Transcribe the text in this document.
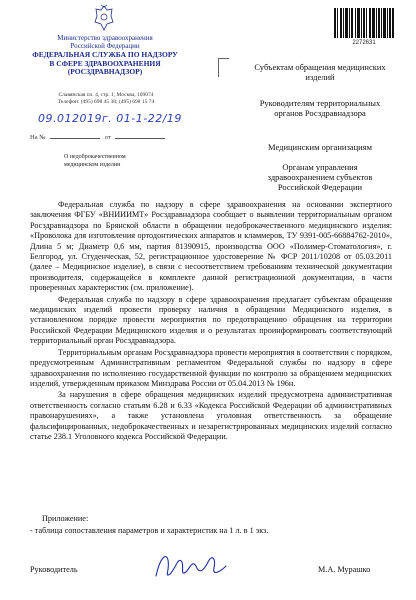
Министерство здравоохранения Российской Федерации
ФЕДЕРАЛЬНАЯ СЛУЖБА ПО НАДЗОРУ В СФЕРЕ ЗДРАВООХРАНЕНИЯ (РОСЗДРАВНАДЗОР)
Славянская пл. 4, стр. 1, Москва, 109074
Телефон: (495) 698 45 38; (495) 698 15 74
09.012019г. 01-1-22/19
На №	от
О недоброкачественном медицинском изделии
2272631
Субъектам обращения медицинских изделий
Руководителям территориальных органов Росздравнадзора
Медицинским организациям
Органам управления здравоохранением субъектов Российской Федерации

Федеральная служба по надзору в сфере здравоохранения на основании экспертного заключения ФГБУ «ВНИИИМТ» Росздравнадзора сообщает о выявлении территориальным органом Росздравнадзора по Брянской области в обращении недоброкачественного медицинского изделия: «Проволока для изготовления ортодонтических аппаратов и кламмеров, ТУ 9391-005-66884762-2010», Длина 5 м; Диаметр 0,6 мм, партия 81390915, производства ООО «Полимер-Стоматология», г. Белгород, ул. Студенческая, 52, регистрационное удостоверение № ФСР 2011/10208 от 05.03.2011 (далее – Медицинское изделие), в связи с несоответствием требованиям технической документации производителя, содержащейся в комплекте данной регистрационной документации, в части проверенных характеристик (см. приложение).

Федеральная служба по надзору в сфере здравоохранения предлагает субъектам обращения медицинских изделий провести проверку наличия в обращении Медицинского изделия, в установленном порядке провести мероприятия по предотвращению обращения на территории Российской Федерации Медицинского изделия и о результатах проинформировать соответствующий территориальный орган Росздравнадзора.

Территориальным органам Росздравнадзора провести мероприятия в соответствии с порядком, предусмотренным Административным регламентом Федеральной службы по надзору в сфере здравоохранения по исполнению государственной функции по контролю за обращением медицинских изделий, утвержденным приказом Минздрава России от 05.04.2013 № 196н.

За нарушения в сфере обращения медицинских изделий предусмотрена административная ответственность согласно статьям 6.28 и 6.33 «Кодекса Российской Федерации об административных правонарушениях», а также установлена уголовная ответственность за обращение фальсифицированных, недоброкачественных и незарегистрированных медицинских изделий согласно статье 238.1 Уголовного кодекса Российской Федерации.

Приложение:
- таблица сопоставления параметров и характеристик на 1 л. в 1 экз.
Руководитель	М.А. Мурашко
